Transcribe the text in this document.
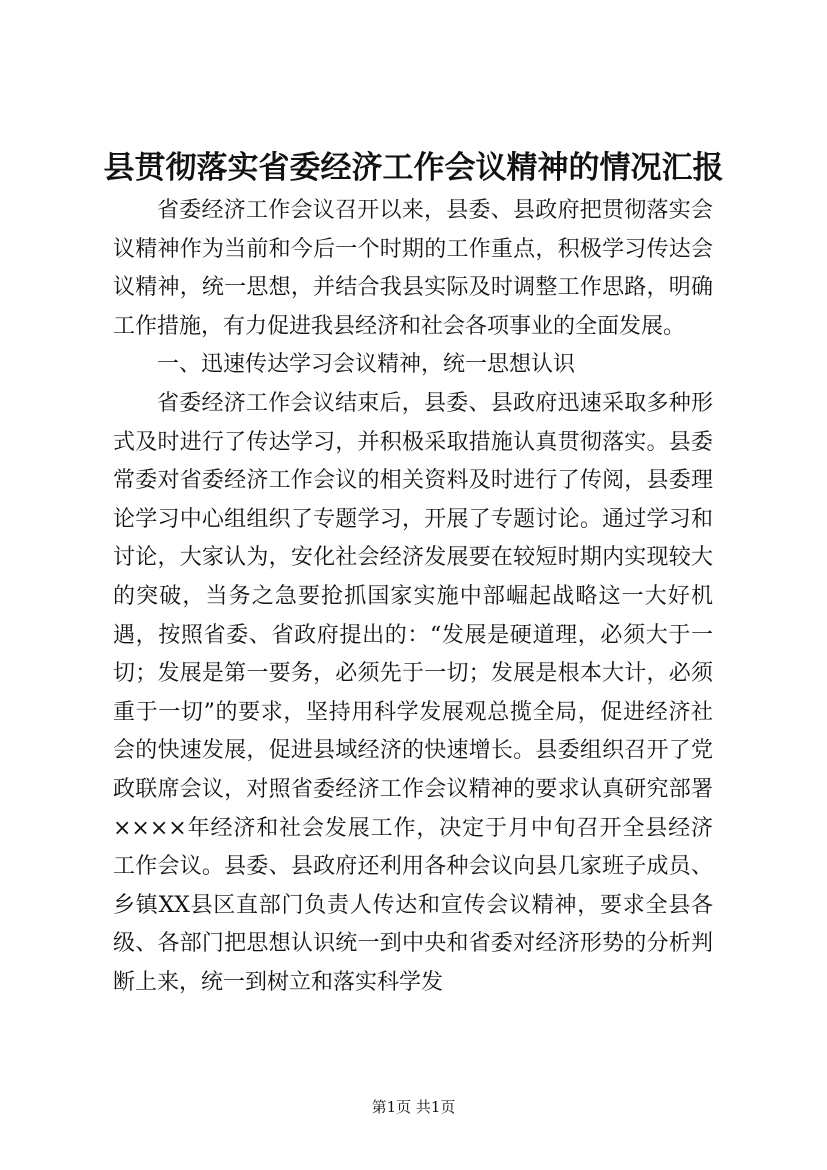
县贯彻落实省委经济工作会议精神的情况汇报

省委经济工作会议召开以来，县委、县政府把贯彻落实会议精神作为当前和今后一个时期的工作重点，积极学习传达会议精神，统一思想，并结合我县实际及时调整工作思路，明确工作措施，有力促进我县经济和社会各项事业的全面发展。

一、迅速传达学习会议精神，统一思想认识

省委经济工作会议结束后，县委、县政府迅速采取多种形式及时进行了传达学习，并积极采取措施认真贯彻落实。县委常委对省委经济工作会议的相关资料及时进行了传阅，县委理论学习中心组组织了专题学习，开展了专题讨论。通过学习和讨论，大家认为，安化社会经济发展要在较短时期内实现较大的突破，当务之急要抢抓国家实施中部崛起战略这一大好机遇，按照省委、省政府提出的：“发展是硬道理，必须大于一切；发展是第一要务，必须先于一切；发展是根本大计，必须重于一切”的要求，坚持用科学发展观总揽全局，促进经济社会的快速发展，促进县域经济的快速增长。县委组织召开了党政联席会议，对照省委经济工作会议精神的要求认真研究部署××××年经济和社会发展工作，决定于月中旬召开全县经济工作会议。县委、县政府还利用各种会议向县几家班子成员、乡镇XX县区直部门负责人传达和宣传会议精神，要求全县各级、各部门把思想认识统一到中央和省委对经济形势的分析判断上来，统一到树立和落实科学发

第1页 共1页
